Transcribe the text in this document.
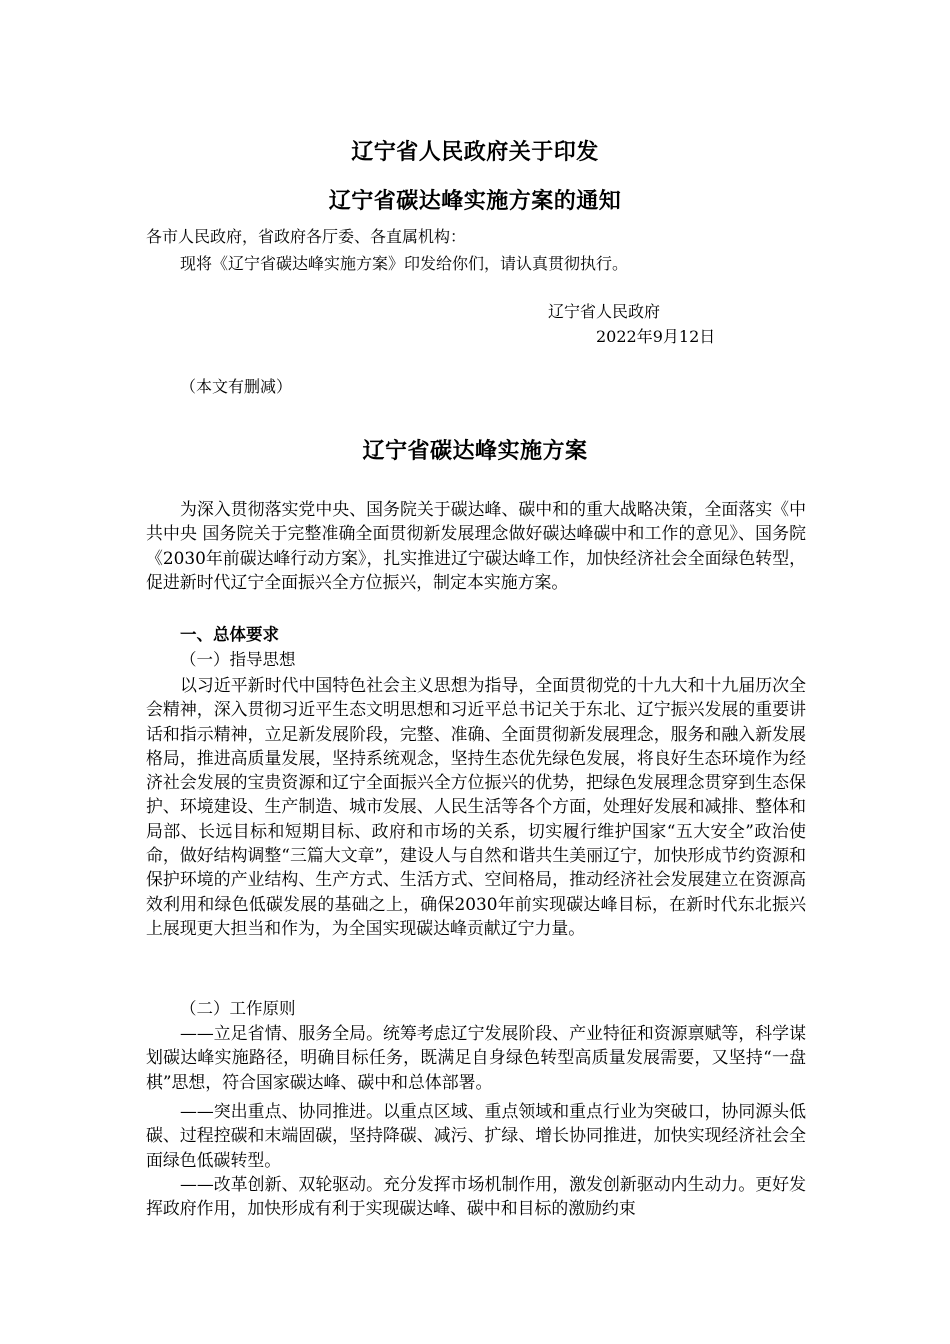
辽宁省人民政府关于印发
辽宁省碳达峰实施方案的通知
各市人民政府，省政府各厅委、各直属机构：
现将《辽宁省碳达峰实施方案》印发给你们，请认真贯彻执行。
辽宁省人民政府
2022年9月12日
（本文有删减）
辽宁省碳达峰实施方案

为深入贯彻落实党中央、国务院关于碳达峰、碳中和的重大战略决策，全面落实《中共中央 国务院关于完整准确全面贯彻新发展理念做好碳达峰碳中和工作的意见》、国务院《2030年前碳达峰行动方案》，扎实推进辽宁碳达峰工作，加快经济社会全面绿色转型，促进新时代辽宁全面振兴全方位振兴，制定本实施方案。

一、总体要求
（一）指导思想

以习近平新时代中国特色社会主义思想为指导，全面贯彻党的十九大和十九届历次全会精神，深入贯彻习近平生态文明思想和习近平总书记关于东北、辽宁振兴发展的重要讲话和指示精神，立足新发展阶段，完整、准确、全面贯彻新发展理念，服务和融入新发展格局，推进高质量发展，坚持系统观念，坚持生态优先绿色发展，将良好生态环境作为经济社会发展的宝贵资源和辽宁全面振兴全方位振兴的优势，把绿色发展理念贯穿到生态保护、环境建设、生产制造、城市发展、人民生活等各个方面，处理好发展和减排、整体和局部、长远目标和短期目标、政府和市场的关系，切实履行维护国家“五大安全”政治使命，做好结构调整“三篇大文章”，建设人与自然和谐共生美丽辽宁，加快形成节约资源和保护环境的产业结构、生产方式、生活方式、空间格局，推动经济社会发展建立在资源高效利用和绿色低碳发展的基础之上，确保2030年前实现碳达峰目标，在新时代东北振兴上展现更大担当和作为，为全国实现碳达峰贡献辽宁力量。

（二）工作原则

——立足省情、服务全局。统筹考虑辽宁发展阶段、产业特征和资源禀赋等，科学谋划碳达峰实施路径，明确目标任务，既满足自身绿色转型高质量发展需要，又坚持“一盘棋”思想，符合国家碳达峰、碳中和总体部署。

——突出重点、协同推进。以重点区域、重点领域和重点行业为突破口，协同源头低碳、过程控碳和末端固碳，坚持降碳、减污、扩绿、增长协同推进，加快实现经济社会全面绿色低碳转型。

——改革创新、双轮驱动。充分发挥市场机制作用，激发创新驱动内生动力。更好发挥政府作用，加快形成有利于实现碳达峰、碳中和目标的激励约束
